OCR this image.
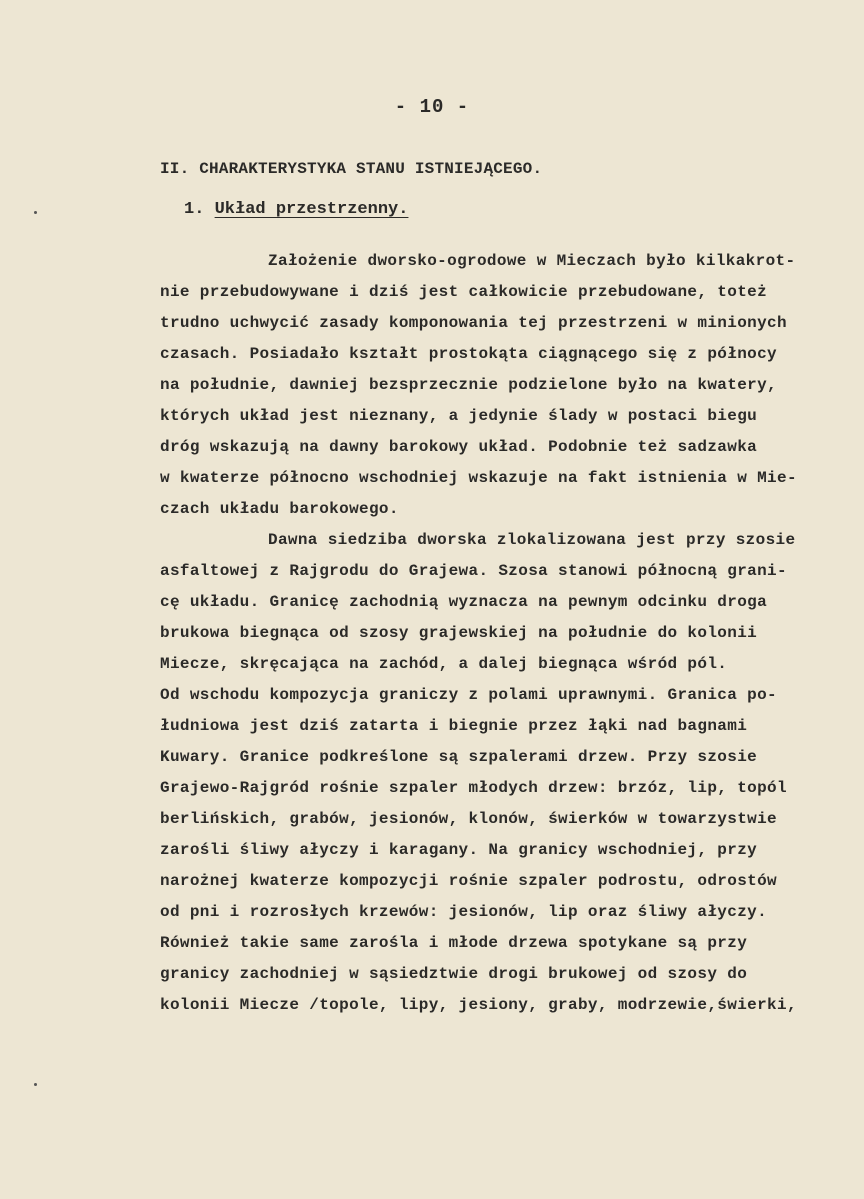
- 10 -
II. CHARAKTERYSTYKA STANU ISTNIEJĄCEGO.
1. Układ przestrzenny.
Założenie dworsko-ogrodowe w Mieczach było kilkakrot-
nie przebudowywane i dziś jest całkowicie przebudowane, toteż
trudno uchwycić zasady komponowania tej przestrzeni w minionych
czasach. Posiadało kształt prostokąta ciągnącego się z północy
na południe, dawniej bezsprzecznie podzielone było na kwatery,
których układ jest nieznany, a jedynie ślady w postaci biegu
dróg wskazują na dawny barokowy układ. Podobnie też sadzawka
w kwaterze północno wschodniej wskazuje na fakt istnienia w Mie-
czach układu barokowego.
Dawna siedziba dworska zlokalizowana jest przy szosie
asfaltowej z Rajgrodu do Grajewa. Szosa stanowi północną grani-
cę układu. Granicę zachodnią wyznacza na pewnym odcinku droga
brukowa biegnąca od szosy grajewskiej na południe do kolonii
Miecze, skręcająca na zachód, a dalej biegnąca wśród pól.
Od wschodu kompozycja graniczy z polami uprawnymi. Granica po-
łudniowa jest dziś zatarta i biegnie przez łąki nad bagnami
Kuwary. Granice podkreślone są szpalerami drzew. Przy szosie
Grajewo-Rajgród rośnie szpaler młodych drzew: brzóz, lip, topól
berlińskich, grabów, jesionów, klonów, świerków w towarzystwie
zarośli śliwy ałyczy i karagany. Na granicy wschodniej, przy
narożnej kwaterze kompozycji rośnie szpaler podrostu, odrostów
od pni i rozrosłych krzewów: jesionów, lip oraz śliwy ałyczy.
Również takie same zarośla i młode drzewa spotykane są przy
granicy zachodniej w sąsiedztwie drogi brukowej od szosy do
kolonii Miecze /topole, lipy, jesiony, graby, modrzewie,świerki,
